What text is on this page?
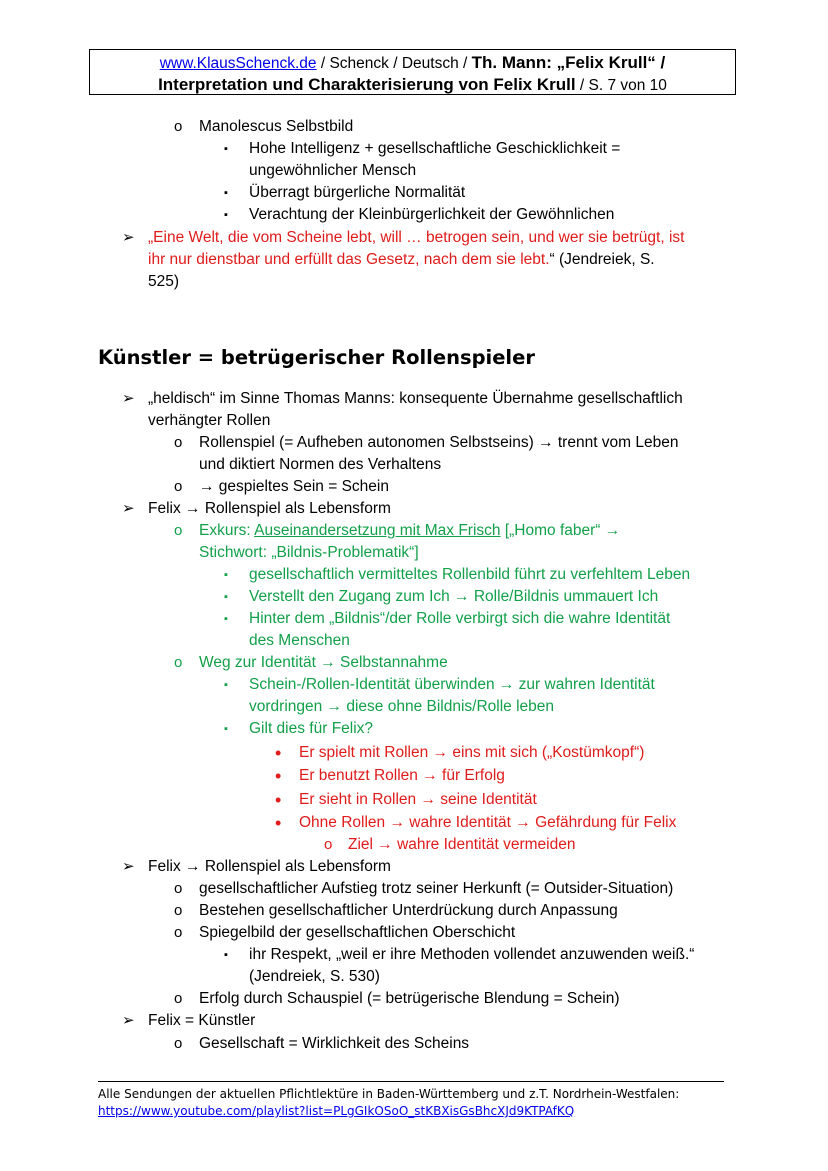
www.KlausSchenck.de / Schenck / Deutsch / Th. Mann: „Felix Krull“ /
Interpretation und Charakterisierung von Felix Krull / S. 7 von 10
o Manolescus Selbstbild
▪ Hohe Intelligenz + gesellschaftliche Geschicklichkeit =
ungewöhnlicher Mensch
▪ Überragt bürgerliche Normalität
▪ Verachtung der Kleinbürgerlichkeit der Gewöhnlichen
➢ „Eine Welt, die vom Scheine lebt, will … betrogen sein, und wer sie betrügt, ist
ihr nur dienstbar und erfüllt das Gesetz, nach dem sie lebt.“ (Jendreiek, S.
525)
Künstler = betrügerischer Rollenspieler
➢ „heldisch“ im Sinne Thomas Manns: konsequente Übernahme gesellschaftlich
verhängter Rollen
o Rollenspiel (= Aufheben autonomen Selbstseins) → trennt vom Leben
und diktiert Normen des Verhaltens
o → gespieltes Sein = Schein
➢ Felix → Rollenspiel als Lebensform
o Exkurs: Auseinandersetzung mit Max Frisch [„Homo faber“ →
Stichwort: „Bildnis-Problematik“]
▪ gesellschaftlich vermitteltes Rollenbild führt zu verfehltem Leben
▪ Verstellt den Zugang zum Ich → Rolle/Bildnis ummauert Ich
▪ Hinter dem „Bildnis“/der Rolle verbirgt sich die wahre Identität
des Menschen
o Weg zur Identität → Selbstannahme
▪ Schein-/Rollen-Identität überwinden → zur wahren Identität
vordringen → diese ohne Bildnis/Rolle leben
▪ Gilt dies für Felix?
• Er spielt mit Rollen → eins mit sich („Kostümkopf“)
• Er benutzt Rollen → für Erfolg
• Er sieht in Rollen → seine Identität
• Ohne Rollen → wahre Identität → Gefährdung für Felix
o Ziel → wahre Identität vermeiden
➢ Felix → Rollenspiel als Lebensform
o gesellschaftlicher Aufstieg trotz seiner Herkunft (= Outsider-Situation)
o Bestehen gesellschaftlicher Unterdrückung durch Anpassung
o Spiegelbild der gesellschaftlichen Oberschicht
▪ ihr Respekt, „weil er ihre Methoden vollendet anzuwenden weiß.“
(Jendreiek, S. 530)
o Erfolg durch Schauspiel (= betrügerische Blendung = Schein)
➢ Felix = Künstler
o Gesellschaft = Wirklichkeit des Scheins
Alle Sendungen der aktuellen Pflichtlektüre in Baden-Württemberg und z.T. Nordrhein-Westfalen:
https://www.youtube.com/playlist?list=PLgGIkOSoO_stKBXisGsBhcXJd9KTPAfKQ
